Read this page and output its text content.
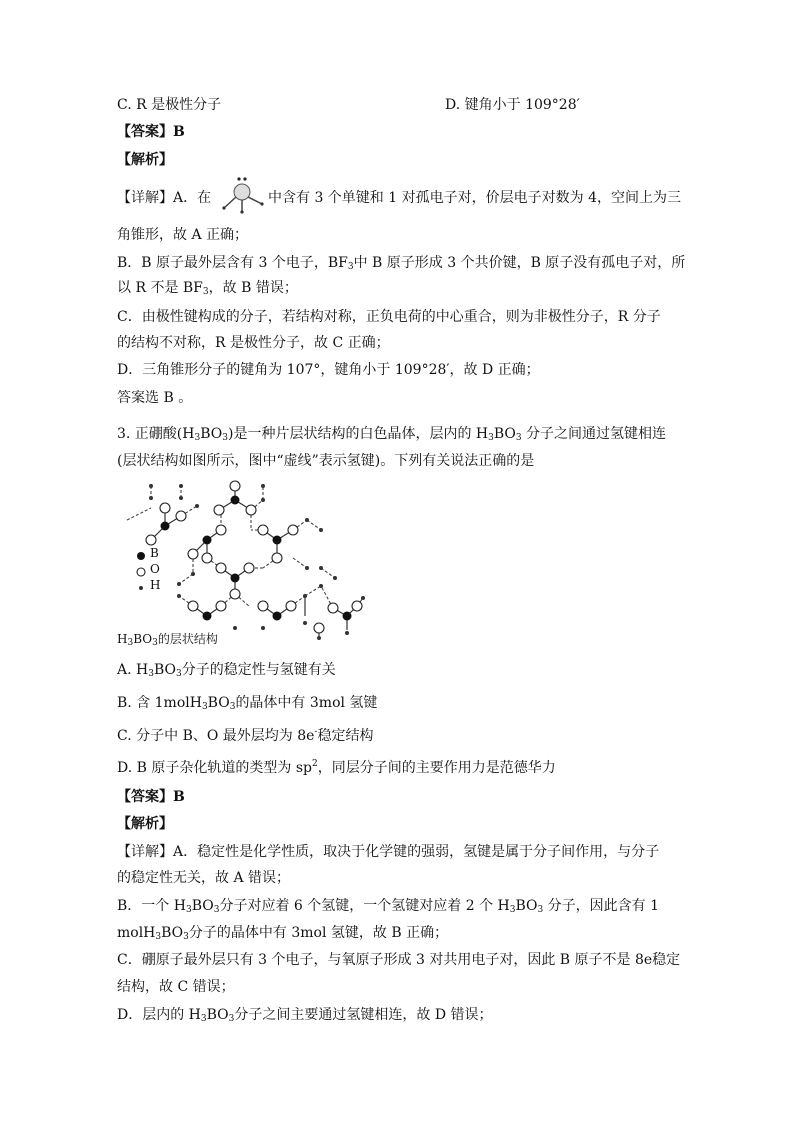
C. R 是极性分子	D. 键角小于 109°28′
【答案】B
【解析】
【详解】A．在	中含有 3 个单键和 1 对孤电子对，价层电子对数为 4，空间上为三
角锥形，故 A 正确；
B．B 原子最外层含有 3 个电子，$BF_3$中 B 原子形成 3 个共价键，B 原子没有孤电子对，所
以 R 不是 $BF_3$，故 B 错误；
C．由极性键构成的分子，若结构对称，正负电荷的中心重合，则为非极性分子，R 分子
的结构不对称，R 是极性分子，故 C 正确；
D．三角锥形分子的键角为 107°，键角小于 109°28′，故 D 正确；
答案选 B 。
3. 正硼酸$(H_3BO_3)$是一种片层状结构的白色晶体，层内的 $H_3BO_3$ 分子之间通过氢键相连
(层状结构如图所示，图中“虚线”表示氢键)。下列有关说法正确的是
B
O
H
$H_3BO_3$的层状结构
A. $H_3BO_3$分子的稳定性与氢键有关
B. 含 $1molH_3BO_3$的晶体中有 3mol 氢键
C. 分子中 B、O 最外层均为 8e-稳定结构
D. B 原子杂化轨道的类型为 $sp^2$，同层分子间的主要作用力是范德华力
【答案】B
【解析】
【详解】A．稳定性是化学性质，取决于化学键的强弱，氢键是属于分子间作用，与分子
的稳定性无关，故 A 错误；
B．一个 $H_3BO_3$分子对应着 6 个氢键，一个氢键对应着 2 个 $H_3BO_3$ 分子，因此含有 1
$molH_3BO_3$分子的晶体中有 3mol 氢键，故 B 正确；
C．硼原子最外层只有 3 个电子，与氧原子形成 3 对共用电子对，因此 B 原子不是 8e稳定
结构，故 C 错误；
D．层内的 $H_3BO_3$分子之间主要通过氢键相连，故 D 错误；
